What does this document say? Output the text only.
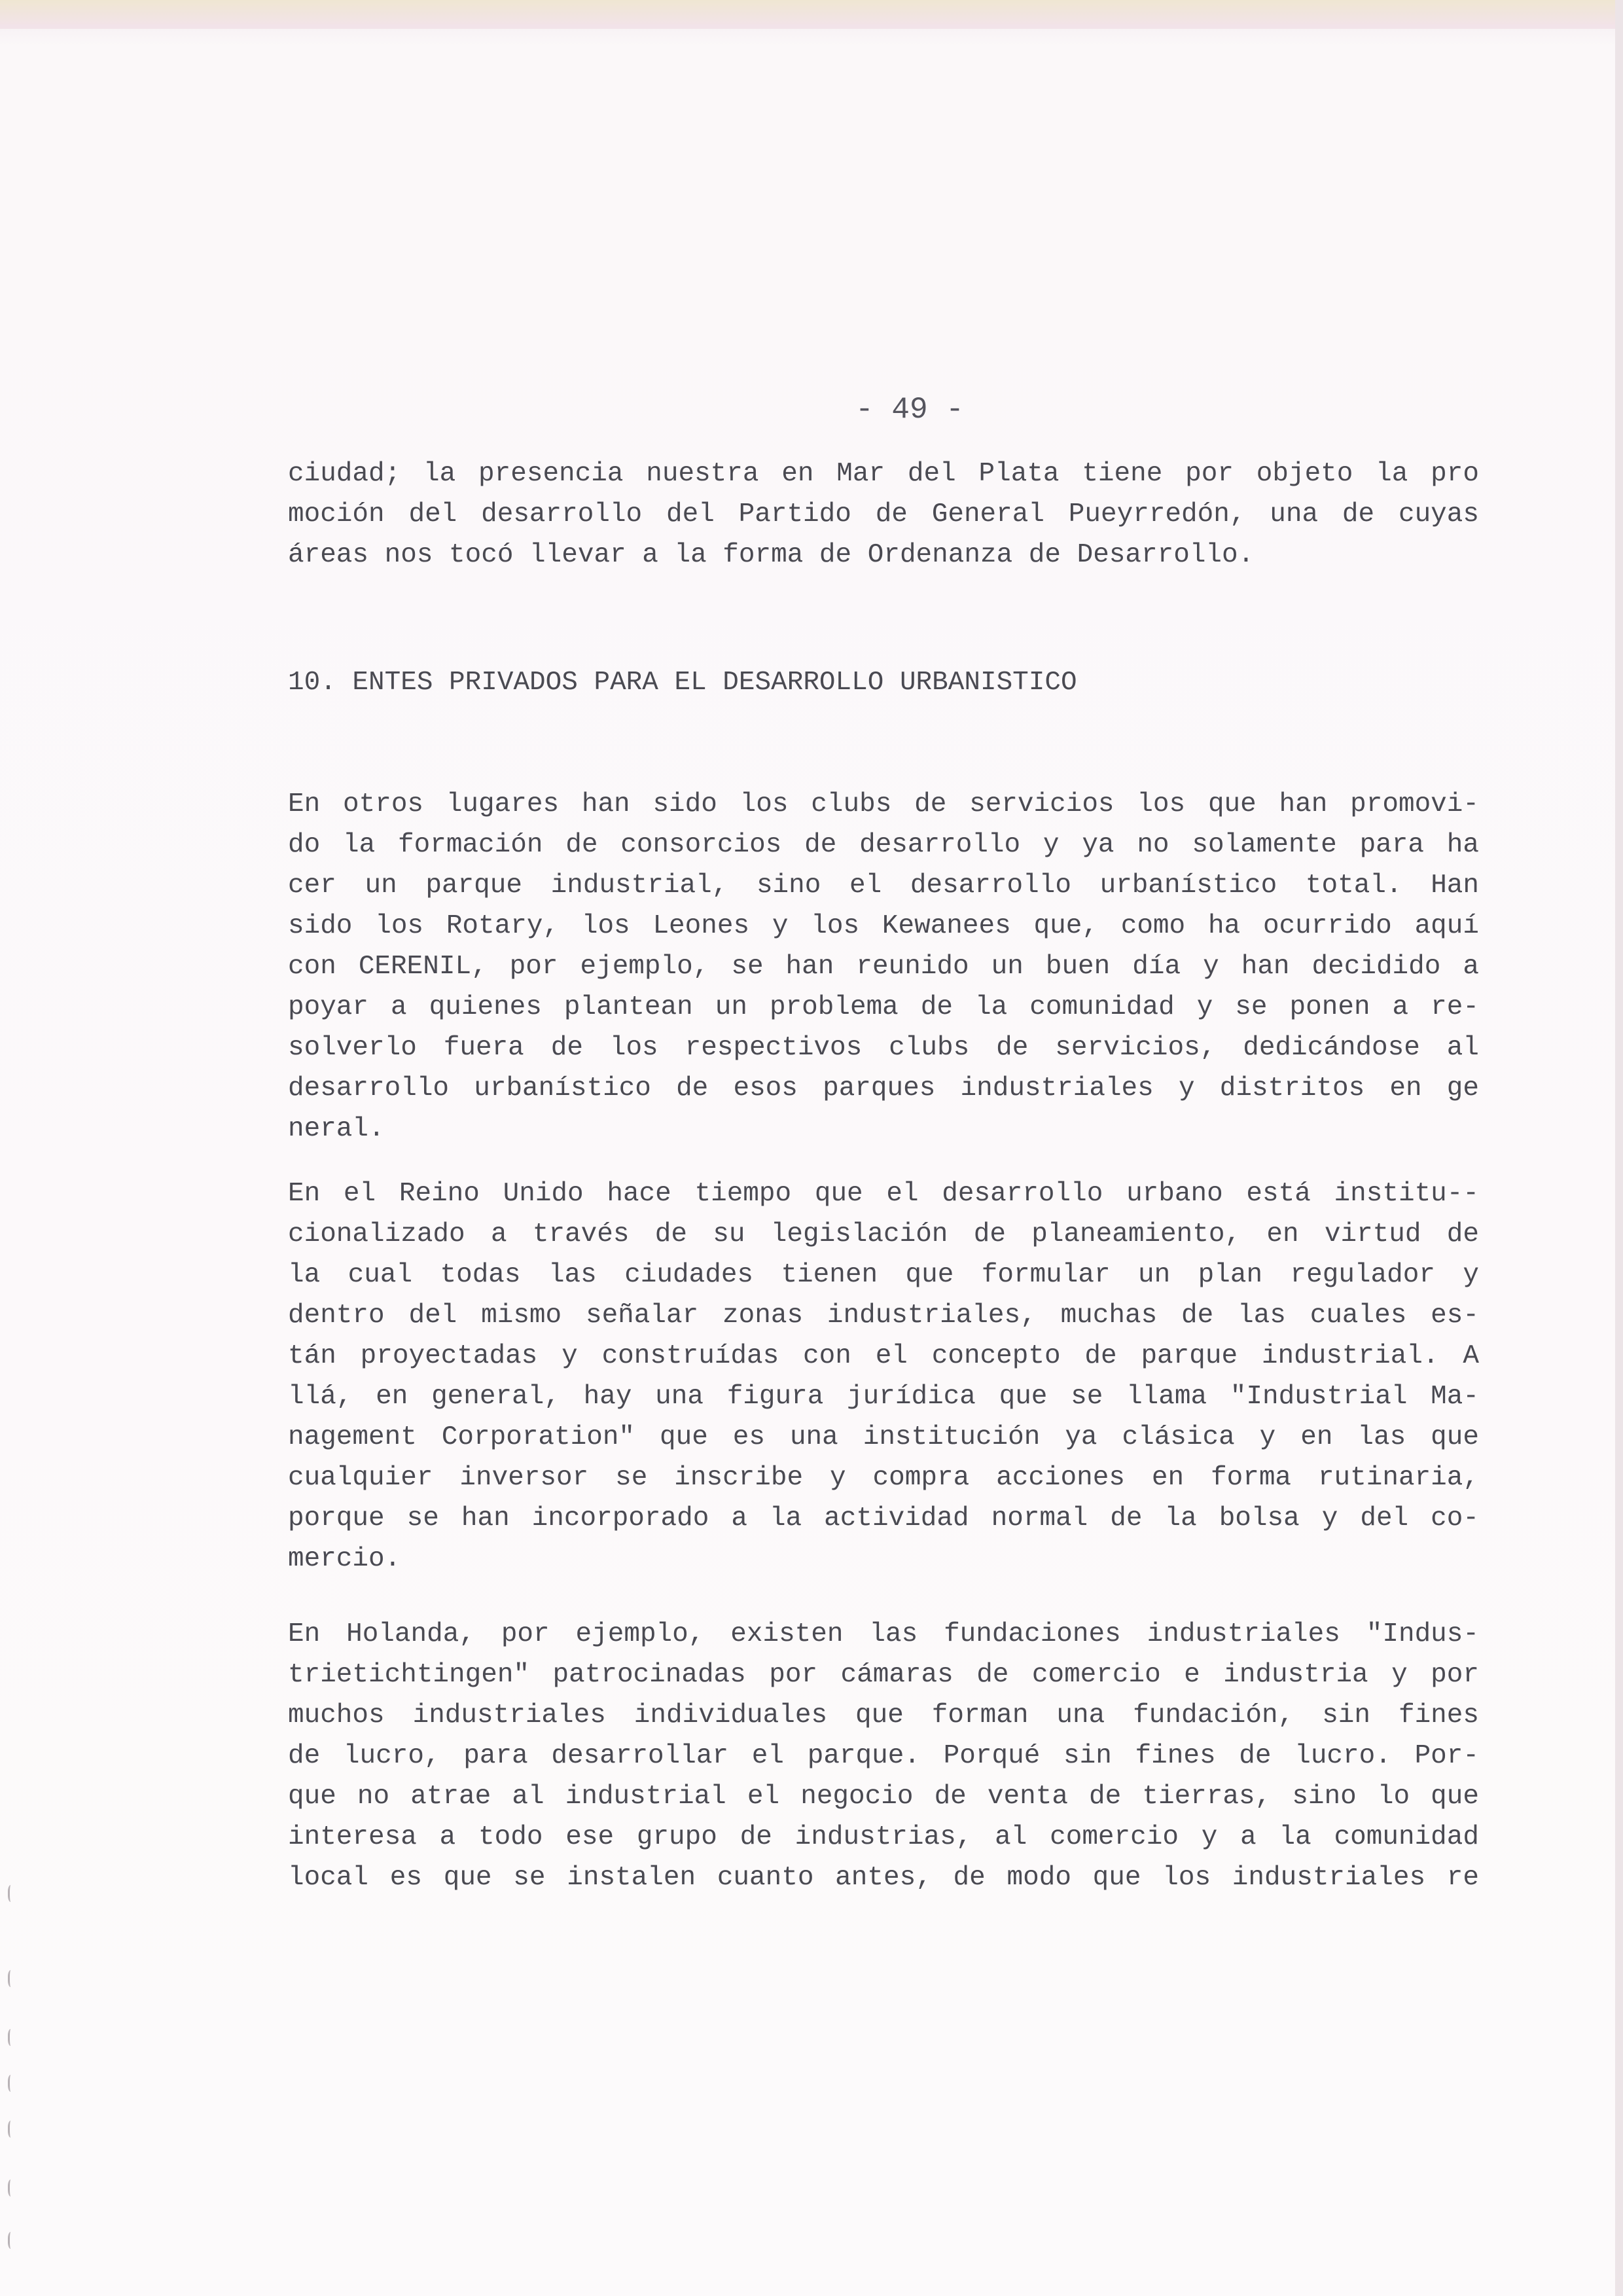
- 49 -
ciudad; la presencia nuestra en Mar del Plata tiene por objeto la pro
moción del desarrollo del Partido de General Pueyrredón, una de cuyas
áreas nos tocó llevar a la forma de Ordenanza de Desarrollo.
10. ENTES PRIVADOS PARA EL DESARROLLO URBANISTICO
En otros lugares han sido los clubs de servicios los que han promovi-
do la formación de consorcios de desarrollo y ya no solamente para ha
cer un parque industrial, sino el desarrollo urbanístico total. Han
sido los Rotary, los Leones y los Kewanees que, como ha ocurrido aquí
con CERENIL, por ejemplo, se han reunido un buen día y han decidido a
poyar a quienes plantean un problema de la comunidad y se ponen a re-
solverlo fuera de los respectivos clubs de servicios, dedicándose al
desarrollo urbanístico de esos parques industriales y distritos en ge
neral.
En el Reino Unido hace tiempo que el desarrollo urbano está institu--
cionalizado a través de su legislación de planeamiento, en virtud de
la cual todas las ciudades tienen que formular un plan regulador y
dentro del mismo señalar zonas industriales, muchas de las cuales es-
tán proyectadas y construídas con el concepto de parque industrial. A
llá, en general, hay una figura jurídica que se llama "Industrial Ma-
nagement Corporation" que es una institución ya clásica y en las que
cualquier inversor se inscribe y compra acciones en forma rutinaria,
porque se han incorporado a la actividad normal de la bolsa y del co-
mercio.
En Holanda, por ejemplo, existen las fundaciones industriales "Indus-
trietichtingen" patrocinadas por cámaras de comercio e industria y por
muchos industriales individuales que forman una fundación, sin fines
de lucro, para desarrollar el parque. Porqué sin fines de lucro. Por-
que no atrae al industrial el negocio de venta de tierras, sino lo que
interesa a todo ese grupo de industrias, al comercio y a la comunidad
local es que se instalen cuanto antes, de modo que los industriales re
